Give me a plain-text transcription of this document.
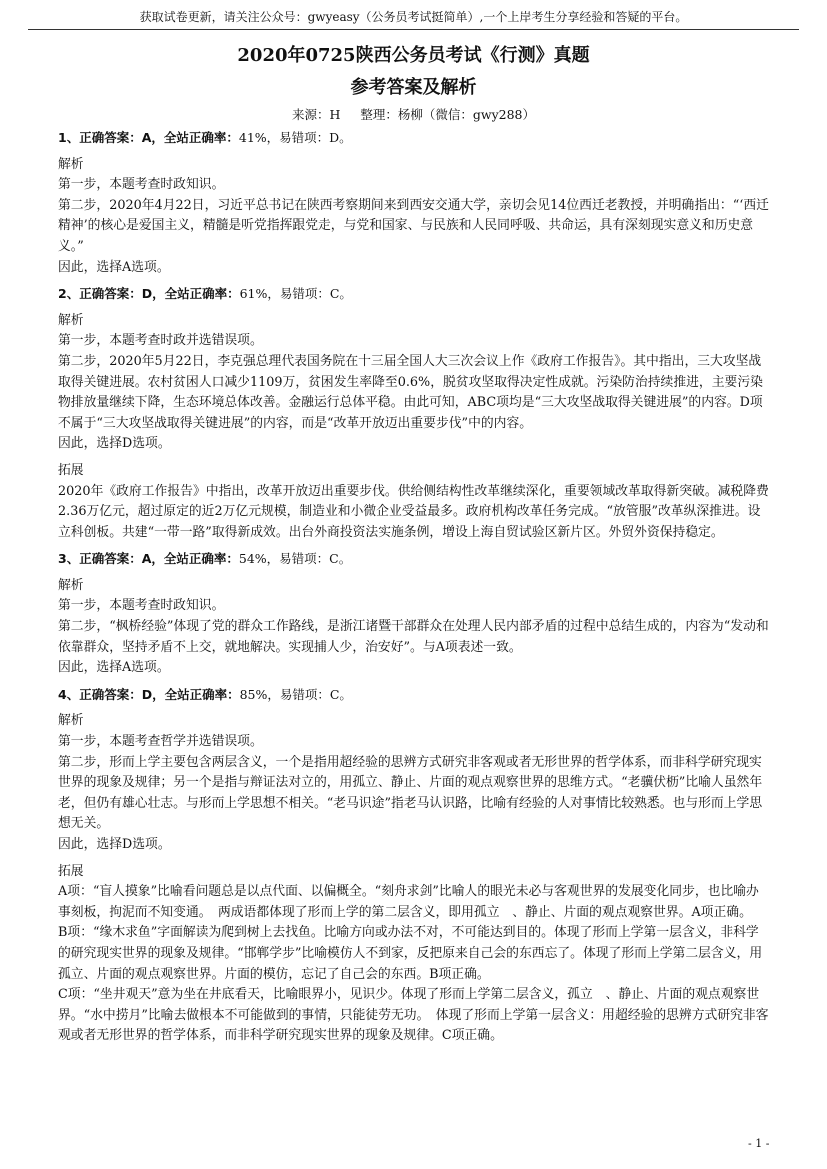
获取试卷更新，请关注公众号：gwyeasy（公务员考试挺简单）,一个上岸考生分享经验和答疑的平台。
2020年0725陕西公务员考试《行测》真题
参考答案及解析
来源：H 整理：杨柳（微信：gwy288）
1、正确答案：A，全站正确率：41%，易错项：D。

解析

第一步，本题考查时政知识。

第二步，2020年4月22日，习近平总书记在陕西考察期间来到西安交通大学，亲切会见14位西迁老教授，并明确指出：“‘西迁精神’的核心是爱国主义，精髓是听党指挥跟党走，与党和国家、与民族和人民同呼吸、共命运，具有深刻现实意义和历史意义。”

因此，选择A选项。

2、正确答案：D，全站正确率：61%，易错项：C。

解析

第一步，本题考查时政并选错误项。

第二步，2020年5月22日，李克强总理代表国务院在十三届全国人大三次会议上作《政府工作报告》。其中指出，三大攻坚战取得关键进展。农村贫困人口减少1109万，贫困发生率降至0.6%，脱贫攻坚取得决定性成就。污染防治持续推进，主要污染物排放量继续下降，生态环境总体改善。金融运行总体平稳。由此可知，ABC项均是“三大攻坚战取得关键进展”的内容。D项不属于“三大攻坚战取得关键进展”的内容，而是“改革开放迈出重要步伐”中的内容。

因此，选择D选项。

拓展

2020年《政府工作报告》中指出，改革开放迈出重要步伐。供给侧结构性改革继续深化，重要领域改革取得新突破。减税降费2.36万亿元，超过原定的近2万亿元规模，制造业和小微企业受益最多。政府机构改革任务完成。“放管服”改革纵深推进。设立科创板。共建“一带一路”取得新成效。出台外商投资法实施条例，增设上海自贸试验区新片区。外贸外资保持稳定。

3、正确答案：A，全站正确率：54%，易错项：C。

解析

第一步，本题考查时政知识。

第二步，“枫桥经验”体现了党的群众工作路线，是浙江诸暨干部群众在处理人民内部矛盾的过程中总结生成的，内容为“发动和依靠群众，坚持矛盾不上交，就地解决。实现捕人少，治安好”。与A项表述一致。

因此，选择A选项。

4、正确答案：D，全站正确率：85%，易错项：C。

解析

第一步，本题考查哲学并选错误项。

第二步，形而上学主要包含两层含义，一个是指用超经验的思辨方式研究非客观或者无形世界的哲学体系，而非科学研究现实世界的现象及规律；另一个是指与辩证法对立的，用孤立、静止、片面的观点观察世界的思维方式。“老骥伏枥”比喻人虽然年老，但仍有雄心壮志。与形而上学思想不相关。“老马识途”指老马认识路，比喻有经验的人对事情比较熟悉。也与形而上学思想无关。

因此，选择D选项。

拓展

A项：“盲人摸象”比喻看问题总是以点代面、以偏概全。“刻舟求剑”比喻人的眼光未必与客观世界的发展变化同步，也比喻办事刻板，拘泥而不知变通。　两成语都体现了形而上学的第二层含义，即用孤立　、静止、片面的观点观察世界。A项正确。

B项：“缘木求鱼”字面解读为爬到树上去找鱼。比喻方向或办法不对，不可能达到目的。体现了形而上学第一层含义，非科学的研究现实世界的现象及规律。“邯郸学步”比喻模仿人不到家，反把原来自己会的东西忘了。体现了形而上学第二层含义，用孤立、片面的观点观察世界。片面的模仿，忘记了自己会的东西。B项正确。

C项：“坐井观天”意为坐在井底看天，比喻眼界小，见识少。体现了形而上学第二层含义，孤立　、静止、片面的观点观察世界。“水中捞月”比喻去做根本不可能做到的事情，只能徒劳无功。　体现了形而上学第一层含义：用超经验的思辨方式研究非客观或者无形世界的哲学体系，而非科学研究现实世界的现象及规律。C项正确。

- 1 -
